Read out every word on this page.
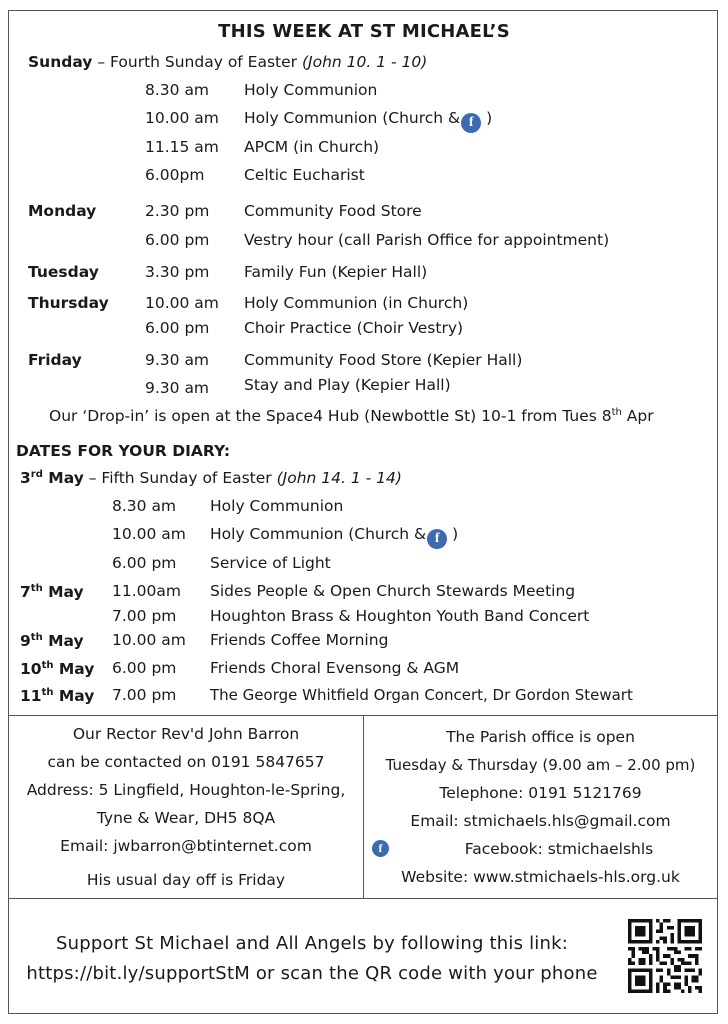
THIS WEEK AT ST MICHAEL’S
Sunday – Fourth Sunday of Easter (John 10. 1 - 10)
8.30 am Holy Communion
10.00 am Holy Communion (Church & f )
11.15 am APCM (in Church)
6.00pm	Celtic Eucharist
Monday	2.30 pm Community Food Store
6.00 pm Vestry hour (call Parish Office for appointment)
Tuesday	3.30 pm Family Fun (Kepier Hall)
Thursday 10.00 am Holy Communion (in Church)
6.00 pm Choir Practice (Choir Vestry)
Friday	9.30 am Community Food Store (Kepier Hall)
9.30 am Stay and Play (Kepier Hall)
Our ‘Drop-in’ is open at the Space4 Hub (Newbottle St) 10-1 from Tues 8th Apr
DATES FOR YOUR DIARY:
3rd May – Fifth Sunday of Easter (John 14. 1 - 14)
8.30 am Holy Communion
10.00 am Holy Communion (Church & f )
6.00 pm Service of Light
7th May 11.00am Sides People & Open Church Stewards Meeting
7.00 pm Houghton Brass & Houghton Youth Band Concert
9th May 10.00 am Friends Coffee Morning
10th May 6.00 pm Friends Choral Evensong & AGM
11th May 7.00 pm The George Whitfield Organ Concert, Dr Gordon Stewart
Our Rector Rev'd John Barron
can be contacted on 0191 5847657
Address: 5 Lingfield, Houghton-le-Spring,
Tyne & Wear, DH5 8QA
Email: jwbarron@btinternet.com
His usual day off is Friday
The Parish office is open
Tuesday & Thursday (9.00 am – 2.00 pm)
Telephone: 0191 5121769
Email: stmichaels.hls@gmail.com
f	Facebook: stmichaelshls
Website: www.stmichaels-hls.org.uk
Support St Michael and All Angels by following this link:
https://bit.ly/supportStM or scan the QR code with your phone
